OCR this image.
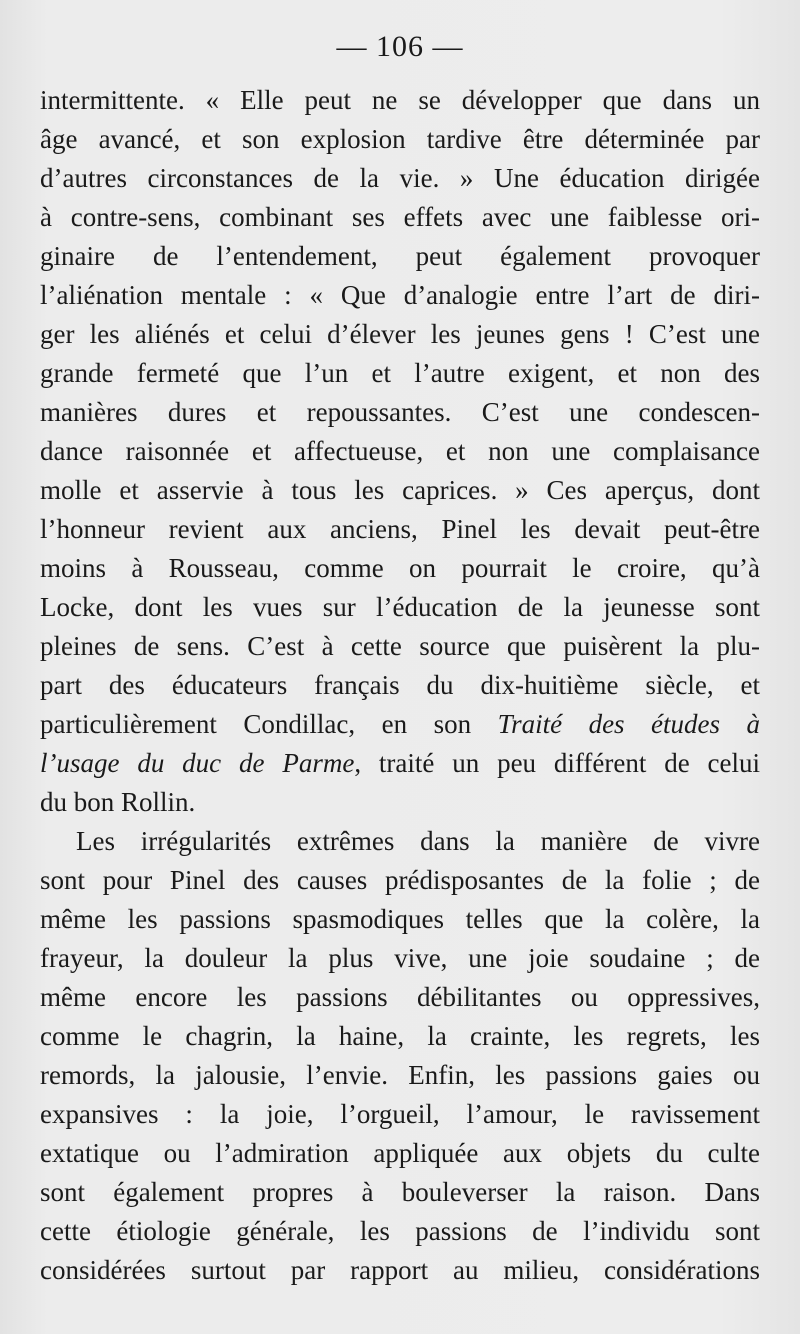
— 106 —
intermittente. « Elle peut ne se développer que dans un
âge avancé, et son explosion tardive être déterminée par
d’autres circonstances de la vie. » Une éducation dirigée
à contre-sens, combinant ses effets avec une faiblesse ori-
ginaire de l’entendement, peut également provoquer
l’aliénation mentale : « Que d’analogie entre l’art de diri-
ger les aliénés et celui d’élever les jeunes gens ! C’est une
grande fermeté que l’un et l’autre exigent, et non des
manières dures et repoussantes. C’est une condescen-
dance raisonnée et affectueuse, et non une complaisance
molle et asservie à tous les caprices. » Ces aperçus, dont
l’honneur revient aux anciens, Pinel les devait peut-être
moins à Rousseau, comme on pourrait le croire, qu’à
Locke, dont les vues sur l’éducation de la jeunesse sont
pleines de sens. C’est à cette source que puisèrent la plu-
part des éducateurs français du dix-huitième siècle, et
particulièrement Condillac, en son Traité des études à
l’usage du duc de Parme, traité un peu différent de celui
du bon Rollin.
Les irrégularités extrêmes dans la manière de vivre
sont pour Pinel des causes prédisposantes de la folie ; de
même les passions spasmodiques telles que la colère, la
frayeur, la douleur la plus vive, une joie soudaine ; de
même encore les passions débilitantes ou oppressives,
comme le chagrin, la haine, la crainte, les regrets, les
remords, la jalousie, l’envie. Enfin, les passions gaies ou
expansives : la joie, l’orgueil, l’amour, le ravissement
extatique ou l’admiration appliquée aux objets du culte
sont également propres à bouleverser la raison. Dans
cette étiologie générale, les passions de l’individu sont
considérées surtout par rapport au milieu, considérations
